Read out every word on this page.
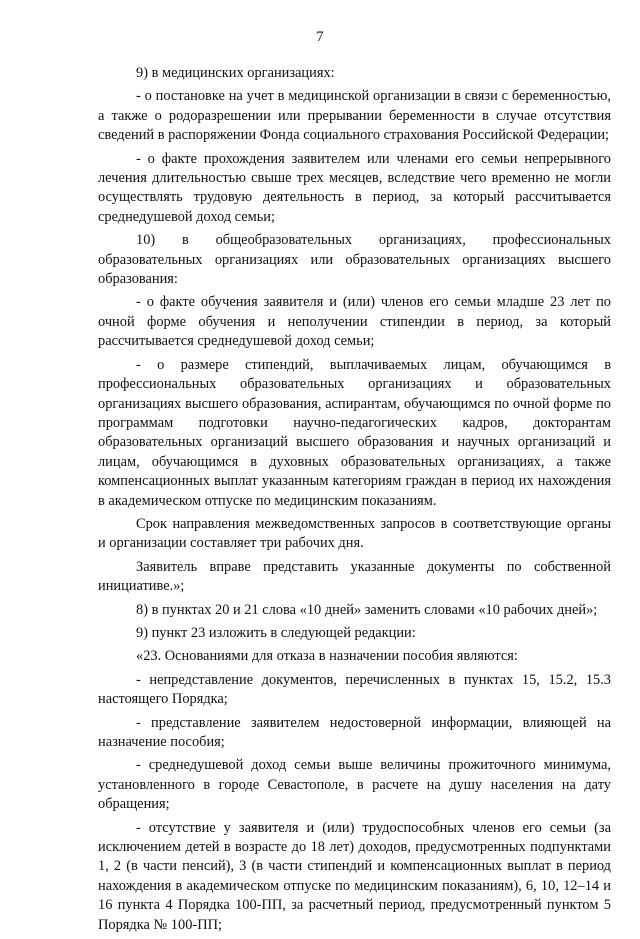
7

9) в медицинских организациях:

- о постановке на учет в медицинской организации в связи с беременностью, а также о родоразрешении или прерывании беременности в случае отсутствия сведений в распоряжении Фонда социального страхования Российской Федерации;

- о факте прохождения заявителем или членами его семьи непрерывного лечения длительностью свыше трех месяцев, вследствие чего временно не могли осуществлять трудовую деятельность в период, за который рассчитывается среднедушевой доход семьи;

10) в общеобразовательных организациях, профессиональных образовательных организациях или образовательных организациях высшего образования:

- о факте обучения заявителя и (или) членов его семьи младше 23 лет по очной форме обучения и неполучении стипендии в период, за который рассчитывается среднедушевой доход семьи;

- о размере стипендий, выплачиваемых лицам, обучающимся в профессиональных образовательных организациях и образовательных организациях высшего образования, аспирантам, обучающимся по очной форме по программам подготовки научно-педагогических кадров, докторантам образовательных организаций высшего образования и научных организаций и лицам, обучающимся в духовных образовательных организациях, а также компенсационных выплат указанным категориям граждан в период их нахождения в академическом отпуске по медицинским показаниям.

Срок направления межведомственных запросов в соответствующие органы и организации составляет три рабочих дня.

Заявитель вправе представить указанные документы по собственной инициативе.»;

8) в пунктах 20 и 21 слова «10 дней» заменить словами «10 рабочих дней»;

9) пункт 23 изложить в следующей редакции:

«23. Основаниями для отказа в назначении пособия являются:

- непредставление документов, перечисленных в пунктах 15, 15.2, 15.3 настоящего Порядка;

- представление заявителем недостоверной информации, влияющей на назначение пособия;

- среднедушевой доход семьи выше величины прожиточного минимума, установленного в городе Севастополе, в расчете на душу населения на дату обращения;

- отсутствие у заявителя и (или) трудоспособных членов его семьи (за исключением детей в возрасте до 18 лет) доходов, предусмотренных подпунктами 1, 2 (в части пенсий), 3 (в части стипендий и компенсационных выплат в период нахождения в академическом отпуске по медицинским показаниям), 6, 10, 12–14 и 16 пункта 4 Порядка 100-ПП, за расчетный период, предусмотренный пунктом 5 Порядка № 100-ПП;
